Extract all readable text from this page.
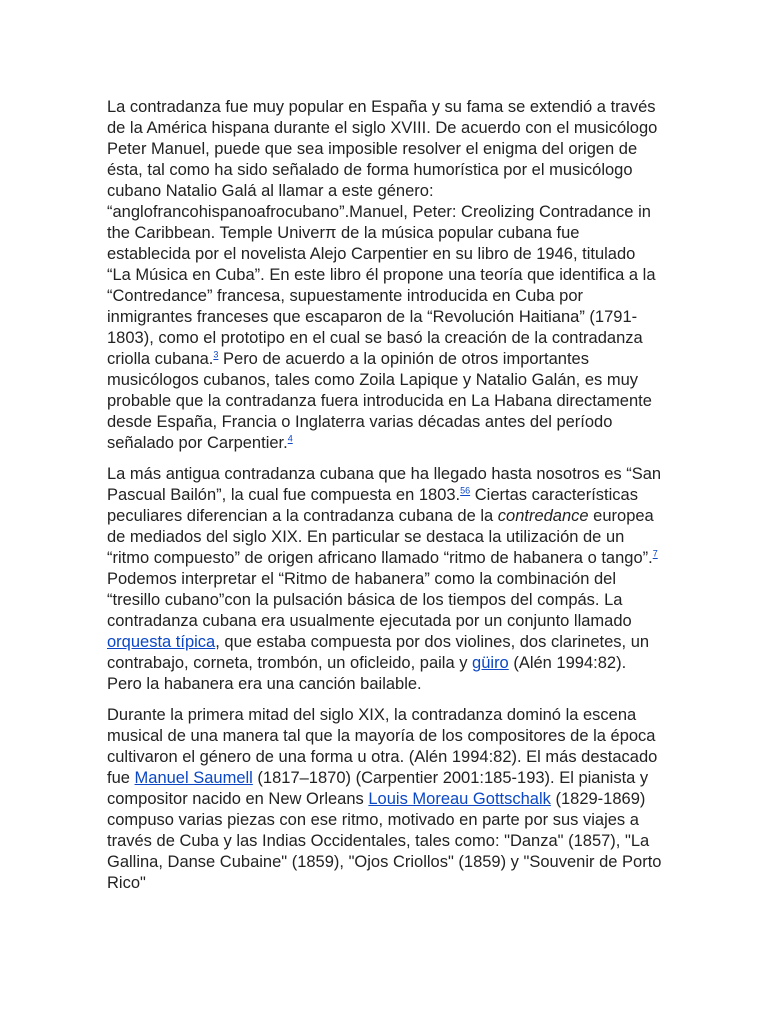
La contradanza fue muy popular en España y su fama se extendió a través de la América hispana durante el siglo XVIII. De acuerdo con el musicólogo Peter Manuel, puede que sea imposible resolver el enigma del origen de ésta, tal como ha sido señalado de forma humorística por el musicólogo cubano Natalio Galá al llamar a este género: “anglofrancohispanoafrocubano”.Manuel, Peter: Creolizing Contradance in the Caribbean. Temple Univerπ de la música popular cubana fue establecida por el novelista Alejo Carpentier en su libro de 1946, titulado “La Música en Cuba”. En este libro él propone una teoría que identifica a la “Contredance” francesa, supuestamente introducida en Cuba por inmigrantes franceses que escaparon de la “Revolución Haitiana” (1791-1803), como el prototipo en el cual se basó la creación de la contradanza criolla cubana.$^3$ Pero de acuerdo a la opinión de otros importantes musicólogos cubanos, tales como Zoila Lapique y Natalio Galán, es muy probable que la contradanza fuera introducida en La Habana directamente desde España, Francia o Inglaterra varias décadas antes del período señalado por Carpentier.$^4$

La más antigua contradanza cubana que ha llegado hasta nosotros es “San Pascual Bailón”, la cual fue compuesta en 1803.56 Ciertas características peculiares diferencian a la contradanza cubana de la contredance europea de mediados del siglo XIX. En particular se destaca la utilización de un “ritmo compuesto” de origen africano llamado “ritmo de habanera o tango”.$^7$ Podemos interpretar el “Ritmo de habanera” como la combinación del “tresillo cubano”con la pulsación básica de los tiempos del compás. La contradanza cubana era usualmente ejecutada por un conjunto llamado orquesta típica, que estaba compuesta por dos violines, dos clarinetes, un contrabajo, corneta, trombón, un oficleido, paila y güiro (Alén 1994:82). Pero la habanera era una canción bailable.

Durante la primera mitad del siglo XIX, la contradanza dominó la escena musical de una manera tal que la mayoría de los compositores de la época cultivaron el género de una forma u otra. (Alén 1994:82). El más destacado fue Manuel Saumell (1817–1870) (Carpentier 2001:185-193). El pianista y compositor nacido en New Orleans Louis Moreau Gottschalk (1829-1869) compuso varias piezas con ese ritmo, motivado en parte por sus viajes a través de Cuba y las Indias Occidentales, tales como: "Danza" (1857), "La Gallina, Danse Cubaine" (1859), "Ojos Criollos" (1859) y "Souvenir de Porto Rico"
